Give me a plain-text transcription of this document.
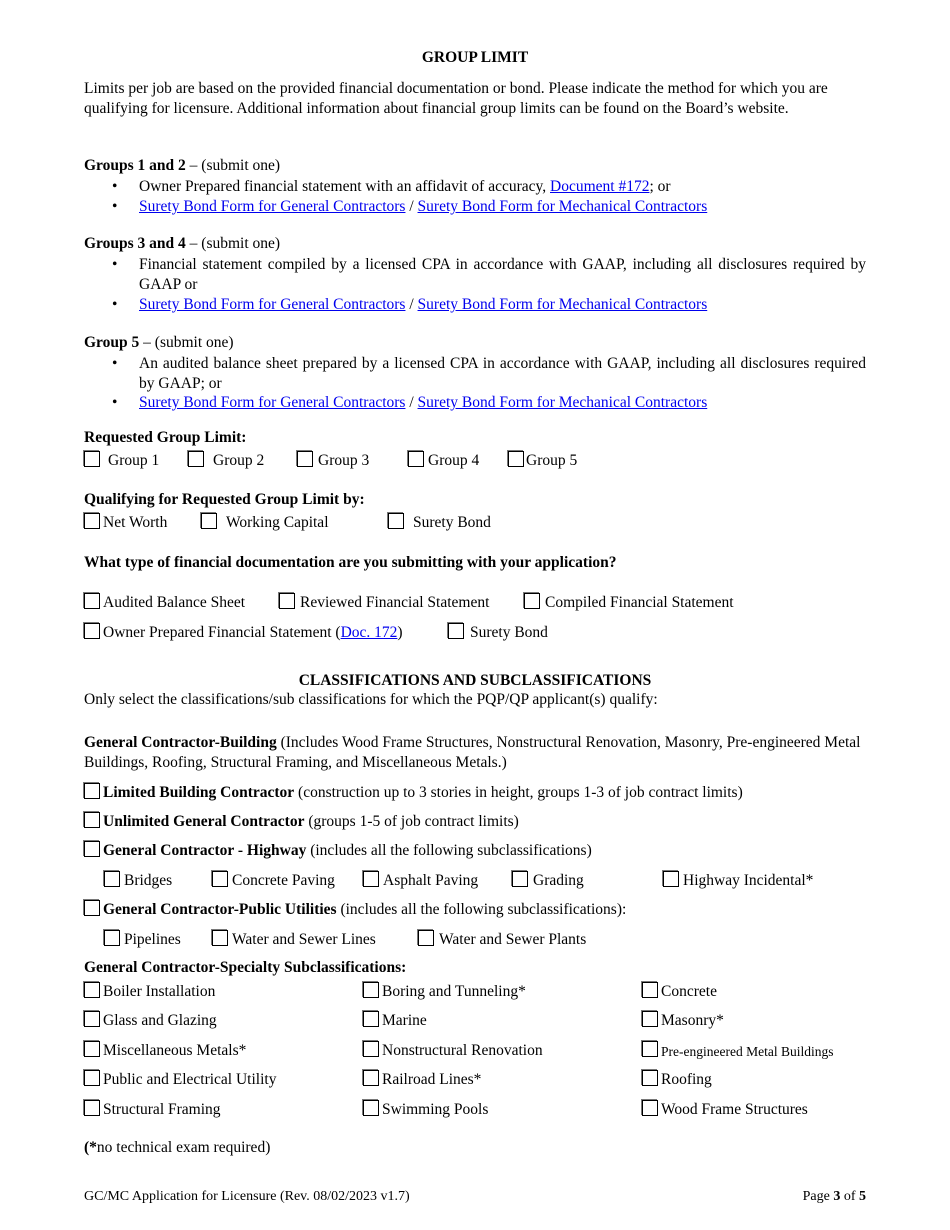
GROUP LIMIT
Limits per job are based on the provided financial documentation or bond. Please indicate the method for which you are qualifying for licensure. Additional information about financial group limits can be found on the Board’s website.
Groups 1 and 2 – (submit one)
• Owner Prepared financial statement with an affidavit of accuracy, Document #172; or
• Surety Bond Form for General Contractors / Surety Bond Form for Mechanical Contractors
Groups 3 and 4 – (submit one)
• Financial statement compiled by a licensed CPA in accordance with GAAP, including all disclosures required by GAAP or
• Surety Bond Form for General Contractors / Surety Bond Form for Mechanical Contractors
Group 5 – (submit one)
• An audited balance sheet prepared by a licensed CPA in accordance with GAAP, including all disclosures required by GAAP; or
• Surety Bond Form for General Contractors / Surety Bond Form for Mechanical Contractors
Requested Group Limit:
Group 1	Group 2	Group 3	Group 4	Group 5
Qualifying for Requested Group Limit by:
Net Worth	Working Capital	Surety Bond
What type of financial documentation are you submitting with your application?
Audited Balance Sheet	Reviewed Financial Statement	Compiled Financial Statement
Owner Prepared Financial Statement (Doc. 172)	Surety Bond
CLASSIFICATIONS AND SUBCLASSIFICATIONS
Only select the classifications/sub classifications for which the PQP/QP applicant(s) qualify:
General Contractor-Building (Includes Wood Frame Structures, Nonstructural Renovation, Masonry, Pre-engineered Metal Buildings, Roofing, Structural Framing, and Miscellaneous Metals.)
Limited Building Contractor (construction up to 3 stories in height, groups 1-3 of job contract limits)
Unlimited General Contractor (groups 1-5 of job contract limits)
General Contractor - Highway (includes all the following subclassifications)
Bridges	Concrete Paving	Asphalt Paving	Grading	Highway Incidental*
General Contractor-Public Utilities (includes all the following subclassifications):
Pipelines	Water and Sewer Lines	Water and Sewer Plants
General Contractor-Specialty Subclassifications:
Boiler Installation	Boring and Tunneling*	Concrete
Glass and Glazing	Marine	Masonry*
Miscellaneous Metals*	Nonstructural Renovation	Pre-engineered Metal Buildings
Public and Electrical Utility	Railroad Lines*	Roofing
Structural Framing	Swimming Pools	Wood Frame Structures
(*no technical exam required)
GC/MC Application for Licensure (Rev. 08/02/2023 v1.7)	Page 3 of 5
